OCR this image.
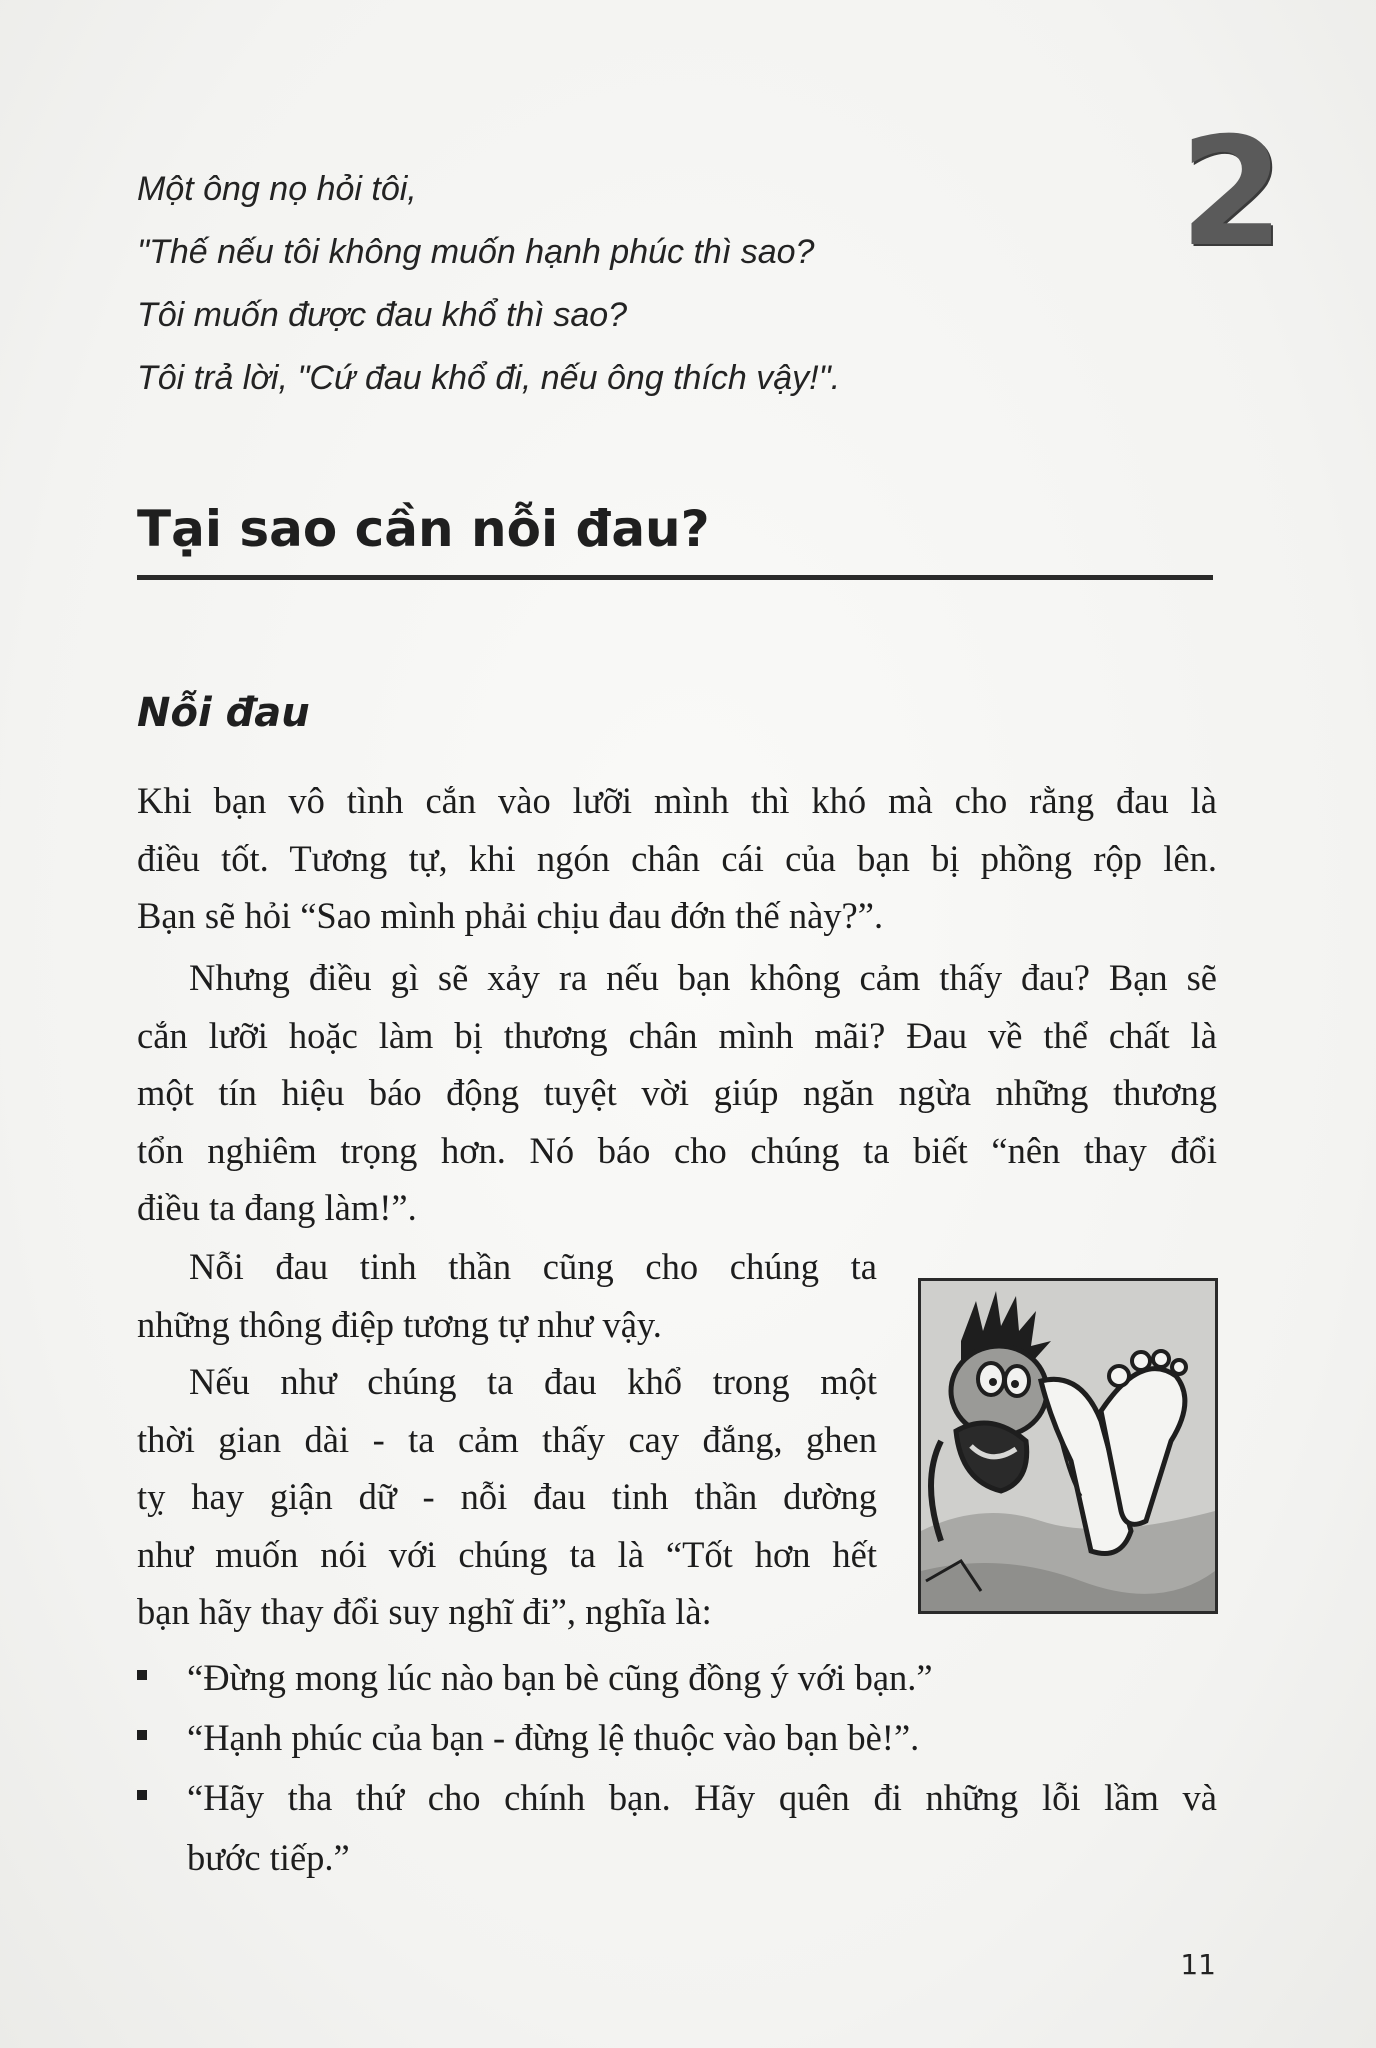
Một ông nọ hỏi tôi,
"Thế nếu tôi không muốn hạnh phúc thì sao?
Tôi muốn được đau khổ thì sao?
Tôi trả lời, "Cứ đau khổ đi, nếu ông thích vậy!".
2
Tại sao cần nỗi đau?
Nỗi đau
Khi bạn vô tình cắn vào lưỡi mình thì khó mà cho rằng đau là
điều tốt. Tương tự, khi ngón chân cái của bạn bị phồng rộp lên.
Bạn sẽ hỏi “Sao mình phải chịu đau đớn thế này?”.
Nhưng điều gì sẽ xảy ra nếu bạn không cảm thấy đau? Bạn sẽ
cắn lưỡi hoặc làm bị thương chân mình mãi? Đau về thể chất là
một tín hiệu báo động tuyệt vời giúp ngăn ngừa những thương
tổn nghiêm trọng hơn. Nó báo cho chúng ta biết “nên thay đổi
điều ta đang làm!”.
Nỗi đau tinh thần cũng cho chúng ta
những thông điệp tương tự như vậy.
Nếu như chúng ta đau khổ trong một
thời gian dài - ta cảm thấy cay đắng, ghen
tỵ hay giận dữ - nỗi đau tinh thần dường
như muốn nói với chúng ta là “Tốt hơn hết
bạn hãy thay đổi suy nghĩ đi”, nghĩa là:
“Đừng mong lúc nào bạn bè cũng đồng ý với bạn.”
“Hạnh phúc của bạn - đừng lệ thuộc vào bạn bè!”.
“Hãy tha thứ cho chính bạn. Hãy quên đi những lỗi lầm và
bước tiếp.”
11
